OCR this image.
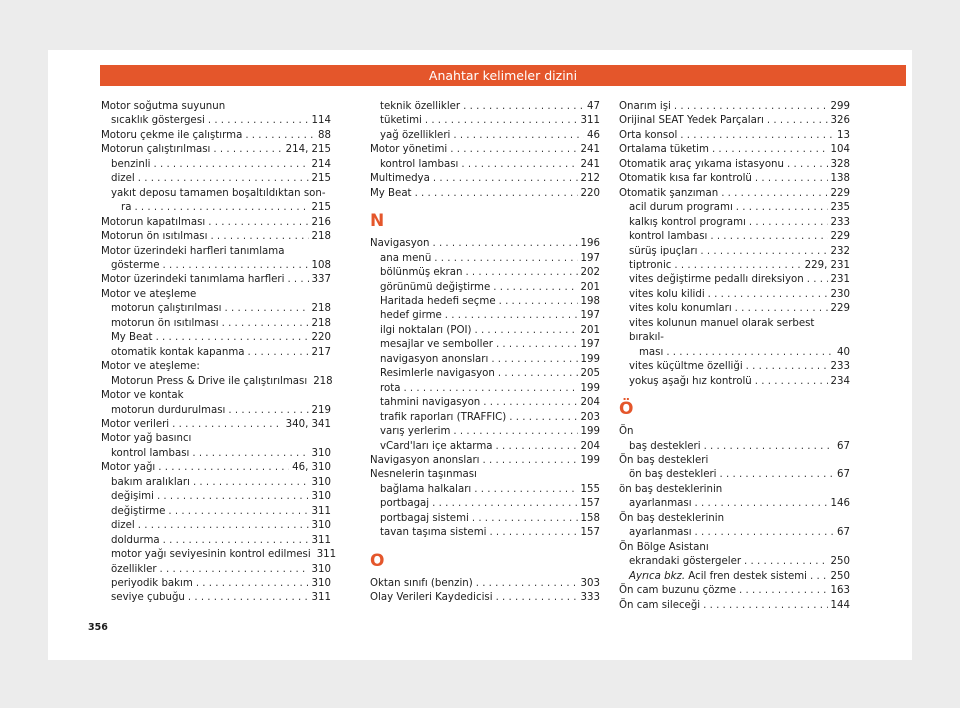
Anahtar kelimeler dizini
Motor soğutma suyunun
sıcaklık göstergesi . . .	114
Motoru çekme ile çalıştırma . . .	88
Motorun çalıştırılması . . .	214, 215
benzinli . . .	214
dizel . . .	215
yakıt deposu tamamen boşaltıldıktan son-
ra . . .	215
Motorun kapatılması . . .	216
Motorun ön ısıtılması . . .	218
Motor üzerindeki harfleri tanımlama
gösterme . . .	108
Motor üzerindeki tanımlama harfleri . . .	337
Motor ve ateşleme
motorun çalıştırılması . . .	218
motorun ön ısıtılması . . .	218
My Beat . . .	220
otomatik kontak kapanma . . .	217
Motor ve ateşleme:
Motorun Press & Drive ile çalıştırılması 218
Motor ve kontak
motorun durdurulması . . .	219
Motor verileri . . .	340, 341
Motor yağ basıncı
kontrol lambası . . .	310
Motor yağı . . .	46, 310
bakım aralıkları . . .	310
değişimi . . .	310
değiştirme . . .	311
dizel . . .	310
doldurma . . .	311
motor yağı seviyesinin kontrol edilmesi 311
özellikler . . .	310
periyodik bakım . . .	310
seviye çubuğu . . .	311
teknik özellikler . . .	47
tüketimi . . .	311
yağ özellikleri . . .	46
Motor yönetimi . . .	241
kontrol lambası . . .	241
Multimedya . . .	212
My Beat . . .	220
N
Navigasyon . . .	196
ana menü . . .	197
bölünmüş ekran . . .	202
görünümü değiştirme . . .	201
Haritada hedefi seçme . . .	198
hedef girme . . .	197
ilgi noktaları (POI) . . .	201
mesajlar ve semboller . . .	197
navigasyon anonsları . . .	199
Resimlerle navigasyon . . .	205
rota . . .	199
tahmini navigasyon . . .	204
trafik raporları (TRAFFIC) . . .	203
varış yerlerim . . .	199
vCard'ları içe aktarma . . .	204
Navigasyon anonsları . . .	199
Nesnelerin taşınması
bağlama halkaları . . .	155
portbagaj . . .	157
portbagaj sistemi . . .	158
tavan taşıma sistemi . . .	157
O
Oktan sınıfı (benzin) . . .	303
Olay Verileri Kaydedicisi . . .	333
Onarım işi . . .	299
Orijinal SEAT Yedek Parçaları . . .	326
Orta konsol . . .	13
Ortalama tüketim . . .	104
Otomatik araç yıkama istasyonu . . .	328
Otomatik kısa far kontrolü . . .	138
Otomatik şanzıman . . .	229
acil durum programı . . .	235
kalkış kontrol programı . . .	233
kontrol lambası . . .	229
sürüş ipuçları . . .	232
tiptronic . . .	229, 231
vites değiştirme pedallı direksiyon . . .	231
vites kolu kilidi . . .	230
vites kolu konumları . . .	229
vites kolunun manuel olarak serbest bırakıl-
ması . . .	40
vites küçültme özelliği . . .	233
yokuş aşağı hız kontrolü . . .	234
Ö
Ön
baş destekleri . . .	67
Ön baş destekleri
ön baş destekleri . . .	67
ön baş desteklerinin
ayarlanması . . .	146
Ön baş desteklerinin
ayarlanması . . .	67
Ön Bölge Asistanı
ekrandaki göstergeler . . .	250
Ayrıca bkz. Acil fren destek sistemi . . . 250
Ön cam buzunu çözme . . .	163
Ön cam sileceği . . .	144
356
